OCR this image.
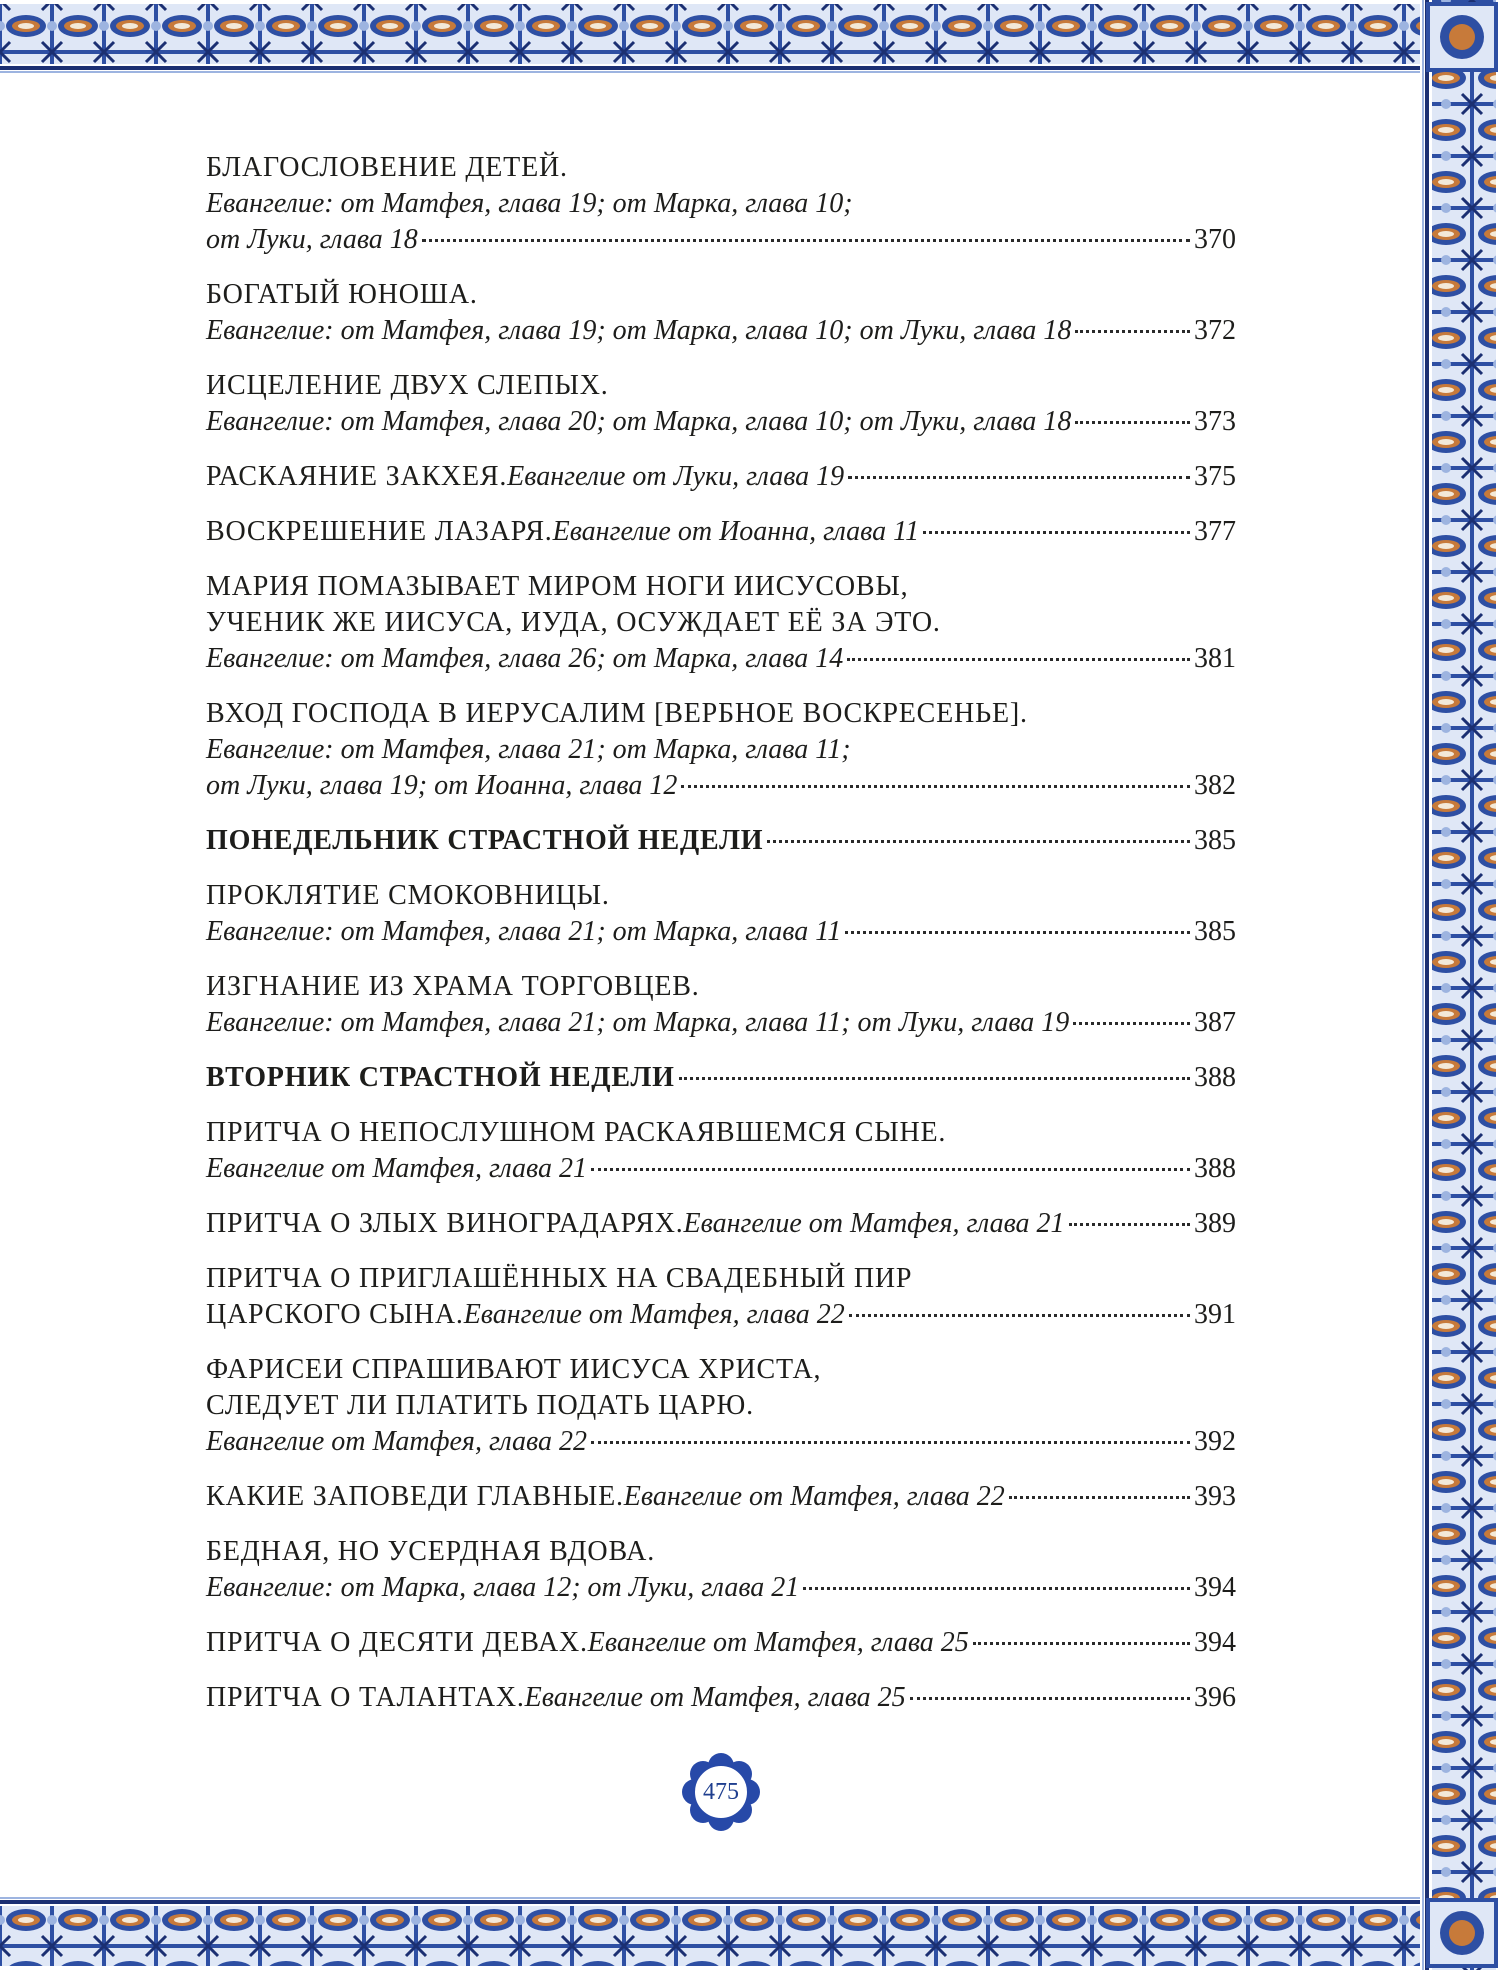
БЛАГОСЛОВЕНИЕ ДЕТЕЙ.
Евангелие: от Матфея, глава 19; от Марка, глава 10;
от Луки, глава 18	370
БОГАТЫЙ ЮНОША.
Евангелие: от Матфея, глава 19; от Марка, глава 10; от Луки, глава 18	372
ИСЦЕЛЕНИЕ ДВУХ СЛЕПЫХ.
Евангелие: от Матфея, глава 20; от Марка, глава 10; от Луки, глава 18	373
РАСКАЯНИЕ ЗАКХЕЯ. Евангелие от Луки, глава 19	375
ВОСКРЕШЕНИЕ ЛАЗАРЯ. Евангелие от Иоанна, глава 11	377
МАРИЯ ПОМАЗЫВАЕТ МИРОМ НОГИ ИИСУСОВЫ,
УЧЕНИК ЖЕ ИИСУСА, ИУДА, ОСУЖДАЕТ ЕЁ ЗА ЭТО.
Евангелие: от Матфея, глава 26; от Марка, глава 14	381
ВХОД ГОСПОДА В ИЕРУСАЛИМ [ВЕРБНОЕ ВОСКРЕСЕНЬЕ].
Евангелие: от Матфея, глава 21; от Марка, глава 11;
от Луки, глава 19; от Иоанна, глава 12	382
ПОНЕДЕЛЬНИК СТРАСТНОЙ НЕДЕЛИ	385
ПРОКЛЯТИЕ СМОКОВНИЦЫ.
Евангелие: от Матфея, глава 21; от Марка, глава 11	385
ИЗГНАНИЕ ИЗ ХРАМА ТОРГОВЦЕВ.
Евангелие: от Матфея, глава 21; от Марка, глава 11; от Луки, глава 19	387
ВТОРНИК СТРАСТНОЙ НЕДЕЛИ	388
ПРИТЧА О НЕПОСЛУШНОМ РАСКАЯВШЕМСЯ СЫНЕ.
Евангелие от Матфея, глава 21	388
ПРИТЧА О ЗЛЫХ ВИНОГРАДАРЯХ. Евангелие от Матфея, глава 21	389
ПРИТЧА О ПРИГЛАШЁННЫХ НА СВАДЕБНЫЙ ПИР
ЦАРСКОГО СЫНА. Евангелие от Матфея, глава 22	391
ФАРИСЕИ СПРАШИВАЮТ ИИСУСА ХРИСТА,
СЛЕДУЕТ ЛИ ПЛАТИТЬ ПОДАТЬ ЦАРЮ.
Евангелие от Матфея, глава 22	392
КАКИЕ ЗАПОВЕДИ ГЛАВНЫЕ. Евангелие от Матфея, глава 22	393
БЕДНАЯ, НО УСЕРДНАЯ ВДОВА.
Евангелие: от Марка, глава 12; от Луки, глава 21	394
ПРИТЧА О ДЕСЯТИ ДЕВАХ. Евангелие от Матфея, глава 25	394
ПРИТЧА О ТАЛАНТАХ. Евангелие от Матфея, глава 25	396
475
